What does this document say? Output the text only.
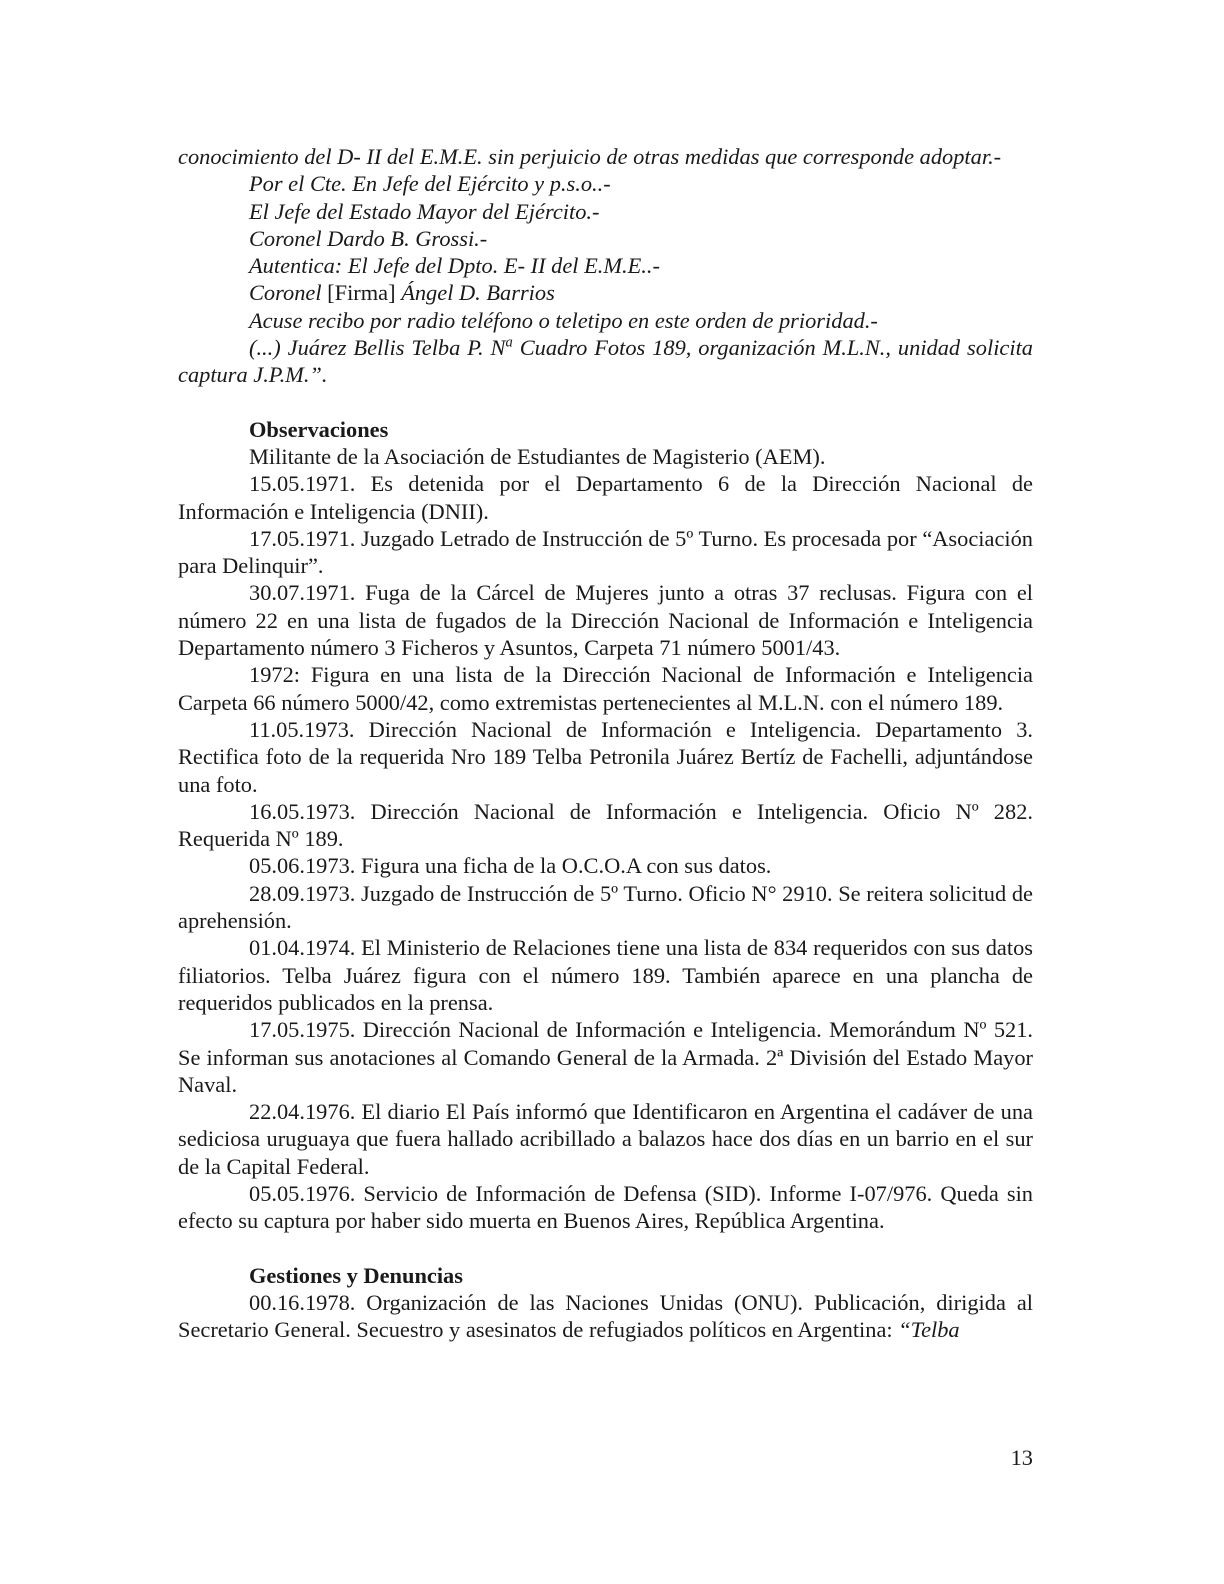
conocimiento del D- II del E.M.E. sin perjuicio de otras medidas que corresponde adoptar.-

Por el Cte. En Jefe del Ejército y p.s.o..-

El Jefe del Estado Mayor del Ejército.-

Coronel Dardo B. Grossi.-

Autentica: El Jefe del Dpto. E- II del E.M.E..-

Coronel [Firma] Ángel D. Barrios

Acuse recibo por radio teléfono o teletipo en este orden de prioridad.-

(...) Juárez Bellis Telba P. $N^a$ Cuadro Fotos 189, organización M.L.N., unidad solicita captura J.P.M.”.

Observaciones

Militante de la Asociación de Estudiantes de Magisterio (AEM).

15.05.1971. Es detenida por el Departamento 6 de la Dirección Nacional de Información e Inteligencia (DNII).

17.05.1971. Juzgado Letrado de Instrucción de 5º Turno. Es procesada por “Asociación para Delinquir”.

30.07.1971. Fuga de la Cárcel de Mujeres junto a otras 37 reclusas. Figura con el número 22 en una lista de fugados de la Dirección Nacional de Información e Inteligencia Departamento número 3 Ficheros y Asuntos, Carpeta 71 número 5001/43.

1972: Figura en una lista de la Dirección Nacional de Información e Inteligencia Carpeta 66 número 5000/42, como extremistas pertenecientes al M.L.N. con el número 189.

11.05.1973. Dirección Nacional de Información e Inteligencia. Departamento 3. Rectifica foto de la requerida Nro 189 Telba Petronila Juárez Bertíz de Fachelli, adjuntándose una foto.

16.05.1973. Dirección Nacional de Información e Inteligencia. Oficio Nº 282. Requerida Nº 189.

05.06.1973. Figura una ficha de la O.C.O.A con sus datos.

28.09.1973. Juzgado de Instrucción de 5º Turno. Oficio N° 2910. Se reitera solicitud de aprehensión.

01.04.1974. El Ministerio de Relaciones tiene una lista de 834 requeridos con sus datos filiatorios. Telba Juárez figura con el número 189. También aparece en una plancha de requeridos publicados en la prensa.

17.05.1975. Dirección Nacional de Información e Inteligencia. Memorándum Nº 521. Se informan sus anotaciones al Comando General de la Armada. 2ª División del Estado Mayor Naval.

22.04.1976. El diario El País informó que Identificaron en Argentina el cadáver de una sediciosa uruguaya que fuera hallado acribillado a balazos hace dos días en un barrio en el sur de la Capital Federal.

05.05.1976. Servicio de Información de Defensa (SID). Informe I-07/976. Queda sin efecto su captura por haber sido muerta en Buenos Aires, República Argentina.

Gestiones y Denuncias

00.16.1978. Organización de las Naciones Unidas (ONU). Publicación, dirigida al Secretario General. Secuestro y asesinatos de refugiados políticos en Argentina: “Telba

13
